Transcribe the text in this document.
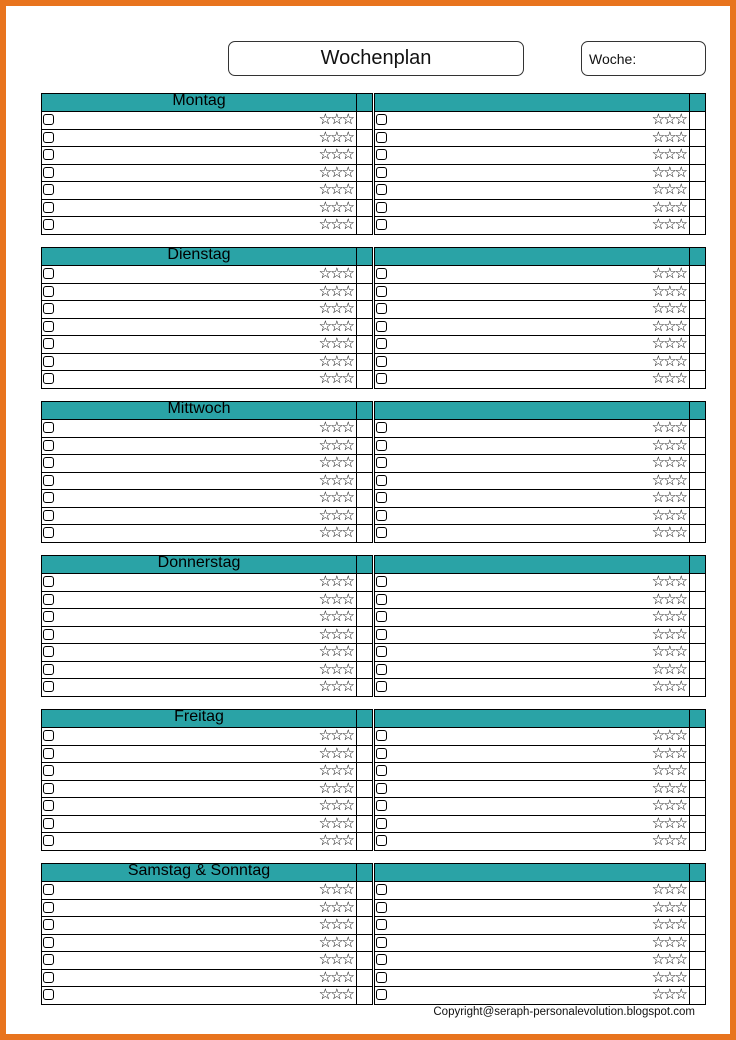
Wochenplan	Woche:
Montag
☆☆☆
☆☆☆
☆☆☆
☆☆☆
☆☆☆
☆☆☆
☆☆☆
☆☆☆
☆☆☆
☆☆☆
☆☆☆
☆☆☆
☆☆☆
☆☆☆
Dienstag
☆☆☆
☆☆☆
☆☆☆
☆☆☆
☆☆☆
☆☆☆
☆☆☆
☆☆☆
☆☆☆
☆☆☆
☆☆☆
☆☆☆
☆☆☆
☆☆☆
Mittwoch
☆☆☆
☆☆☆
☆☆☆
☆☆☆
☆☆☆
☆☆☆
☆☆☆
☆☆☆
☆☆☆
☆☆☆
☆☆☆
☆☆☆
☆☆☆
☆☆☆
Donnerstag
☆☆☆
☆☆☆
☆☆☆
☆☆☆
☆☆☆
☆☆☆
☆☆☆
☆☆☆
☆☆☆
☆☆☆
☆☆☆
☆☆☆
☆☆☆
☆☆☆
Freitag
☆☆☆
☆☆☆
☆☆☆
☆☆☆
☆☆☆
☆☆☆
☆☆☆
☆☆☆
☆☆☆
☆☆☆
☆☆☆
☆☆☆
☆☆☆
☆☆☆
Samstag & Sonntag
☆☆☆
☆☆☆
☆☆☆
☆☆☆
☆☆☆
☆☆☆
☆☆☆
☆☆☆
☆☆☆
☆☆☆
☆☆☆
☆☆☆
☆☆☆
☆☆☆
Copyright@seraph-personalevolution.blogspot.com
